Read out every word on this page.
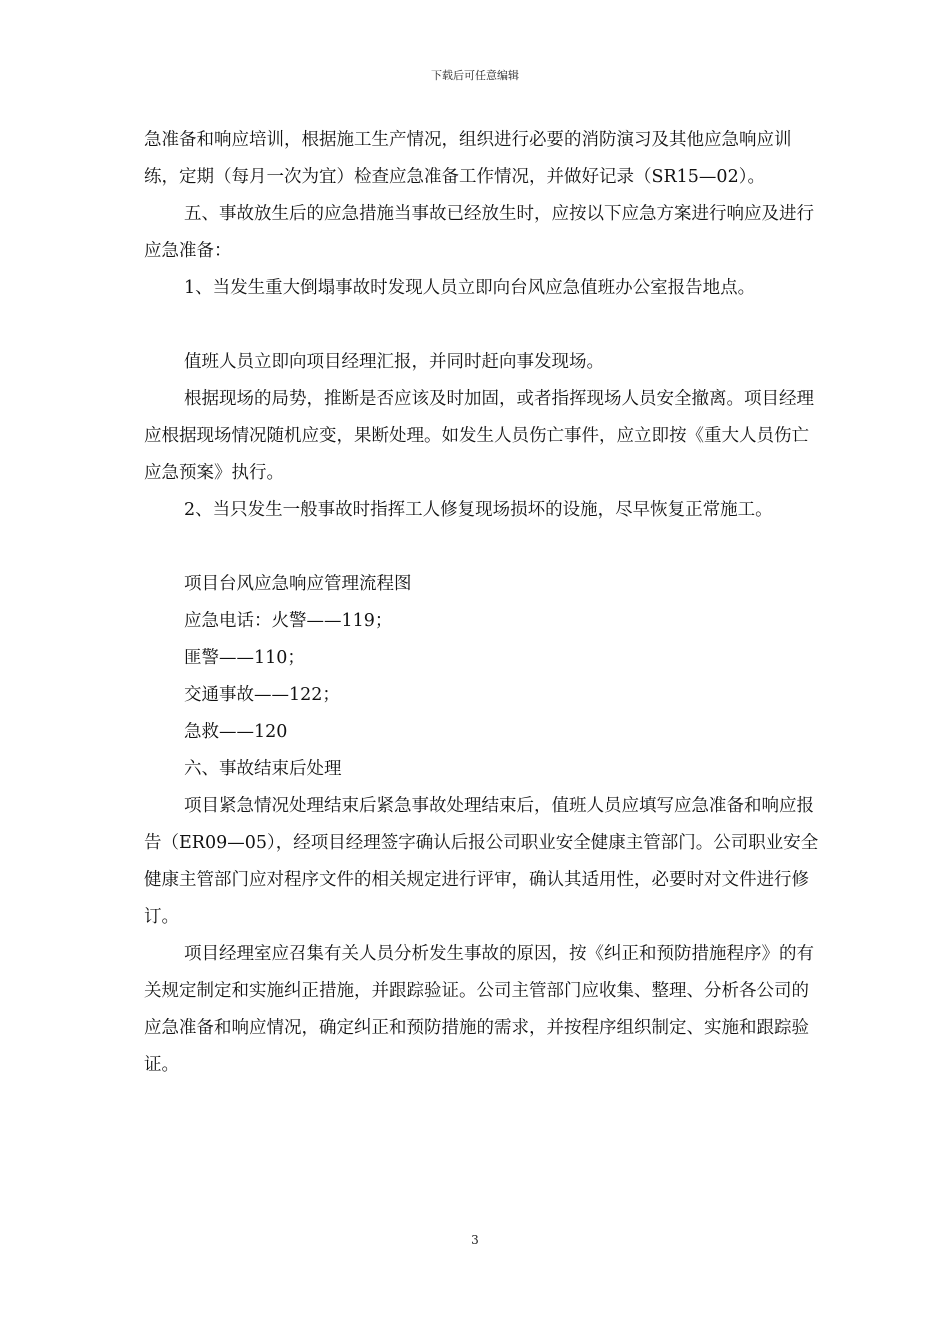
下载后可任意编辑

急准备和响应培训，根据施工生产情况，组织进行必要的消防演习及其他应急响应训练，定期（每月一次为宜）检查应急准备工作情况，并做好记录（SR15—02）。

五、事故放生后的应急措施当事故已经放生时，应按以下应急方案进行响应及进行应急准备：

1、当发生重大倒塌事故时发现人员立即向台风应急值班办公室报告地点。

值班人员立即向项目经理汇报，并同时赶向事发现场。

根据现场的局势，推断是否应该及时加固，或者指挥现场人员安全撤离。项目经理应根据现场情况随机应变，果断处理。如发生人员伤亡事件，应立即按《重大人员伤亡应急预案》执行。

2、当只发生一般事故时指挥工人修复现场损坏的设施，尽早恢复正常施工。

项目台风应急响应管理流程图

应急电话：火警——119；

匪警——110；

交通事故——122；

急救——120

六、事故结束后处理

项目紧急情况处理结束后紧急事故处理结束后，值班人员应填写应急准备和响应报告（ER09—05），经项目经理签字确认后报公司职业安全健康主管部门。公司职业安全健康主管部门应对程序文件的相关规定进行评审，确认其适用性，必要时对文件进行修订。

项目经理室应召集有关人员分析发生事故的原因，按《纠正和预防措施程序》的有关规定制定和实施纠正措施，并跟踪验证。公司主管部门应收集、整理、分析各公司的应急准备和响应情况，确定纠正和预防措施的需求，并按程序组织制定、实施和跟踪验证。

3
